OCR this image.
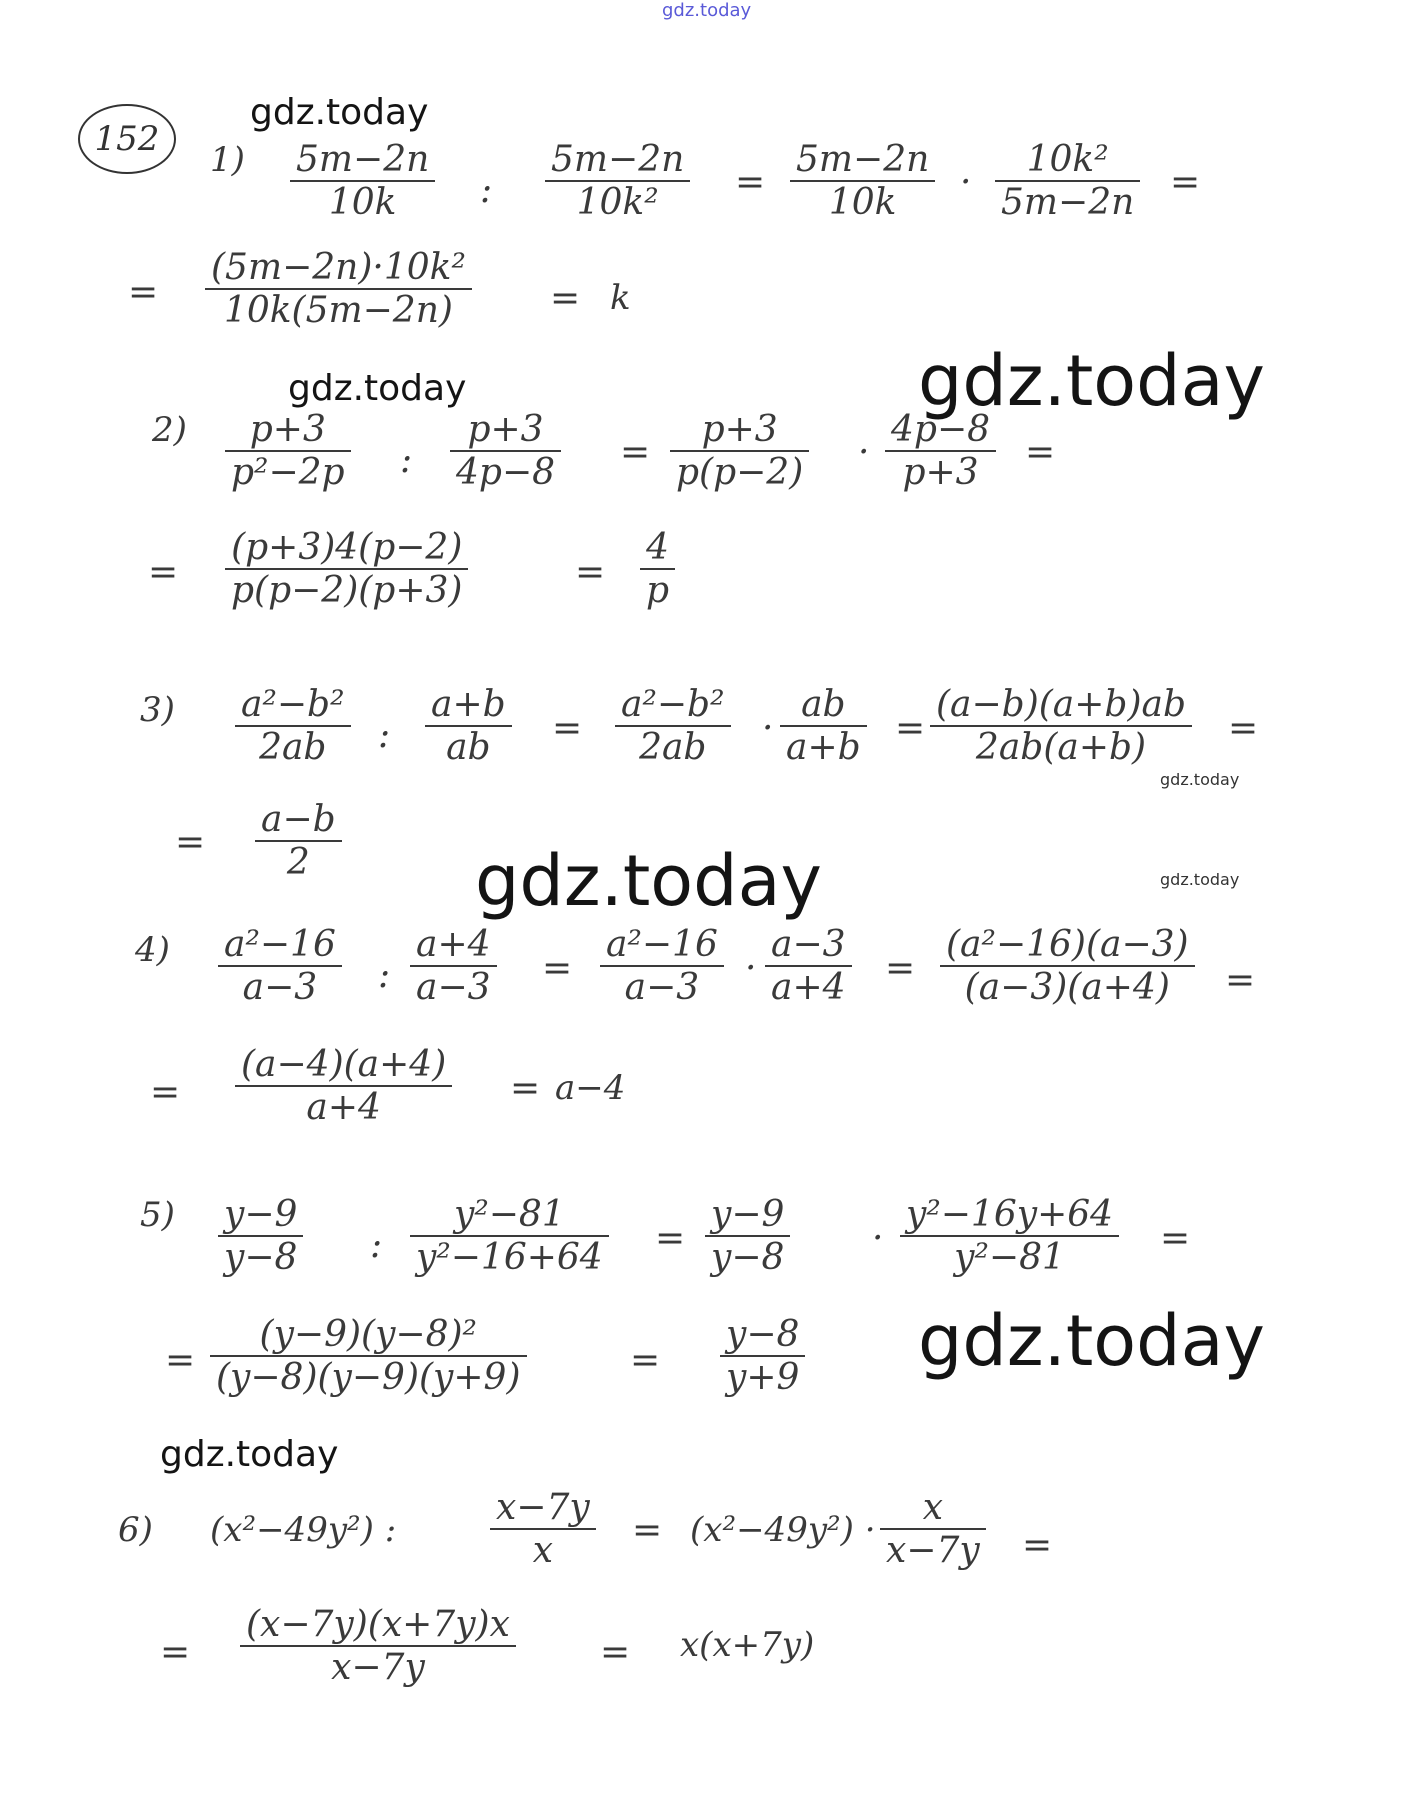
gdz.today
gdz.today
gdz.today	gdz.today
gdz.today
gdz.today	gdz.today
gdz.today
gdz.today
152
1) 5m−2n
10k :
5m−2n
10k² =
5m−2n
10k ·
10k²
5m−2n =
=
(5m−2n)·10k²
10k(5m−2n)	= k
2) p+3
p²−2p :
p+3
4p−8 =
p+3
p(p−2) ·
4p−8
p+3 =
=
(p+3)4(p−2)
p(p−2)(p+3)	=
4
p
3) a²−b²
2ab :
a+b
ab =
a²−b²
2ab ·
ab
a+b =
(a−b)(a+b)ab
2ab(a+b) =
=
a−b
2
4) a²−16
a−3 :
a+4
a−3 =
a²−16
a−3 ·
a−3
a+4 =
(a²−16)(a−3)
(a−3)(a+4) =
=
(a−4)(a+4)
a+4	= a−4
5) y−9
y−8 :
y²−81
y²−16+64 =
y−9
y−8 ·
y²−16y+64
y²−81	=
=
(y−9)(y−8)²
(y−8)(y−9)(y+9)	=
y−8
y+9
6) (x²−49y²) :
x−7y
x = (x²−49y²) ·
x
x−7y =
=
(x−7y)(x+7y)x
x−7y	= x(x+7y)
